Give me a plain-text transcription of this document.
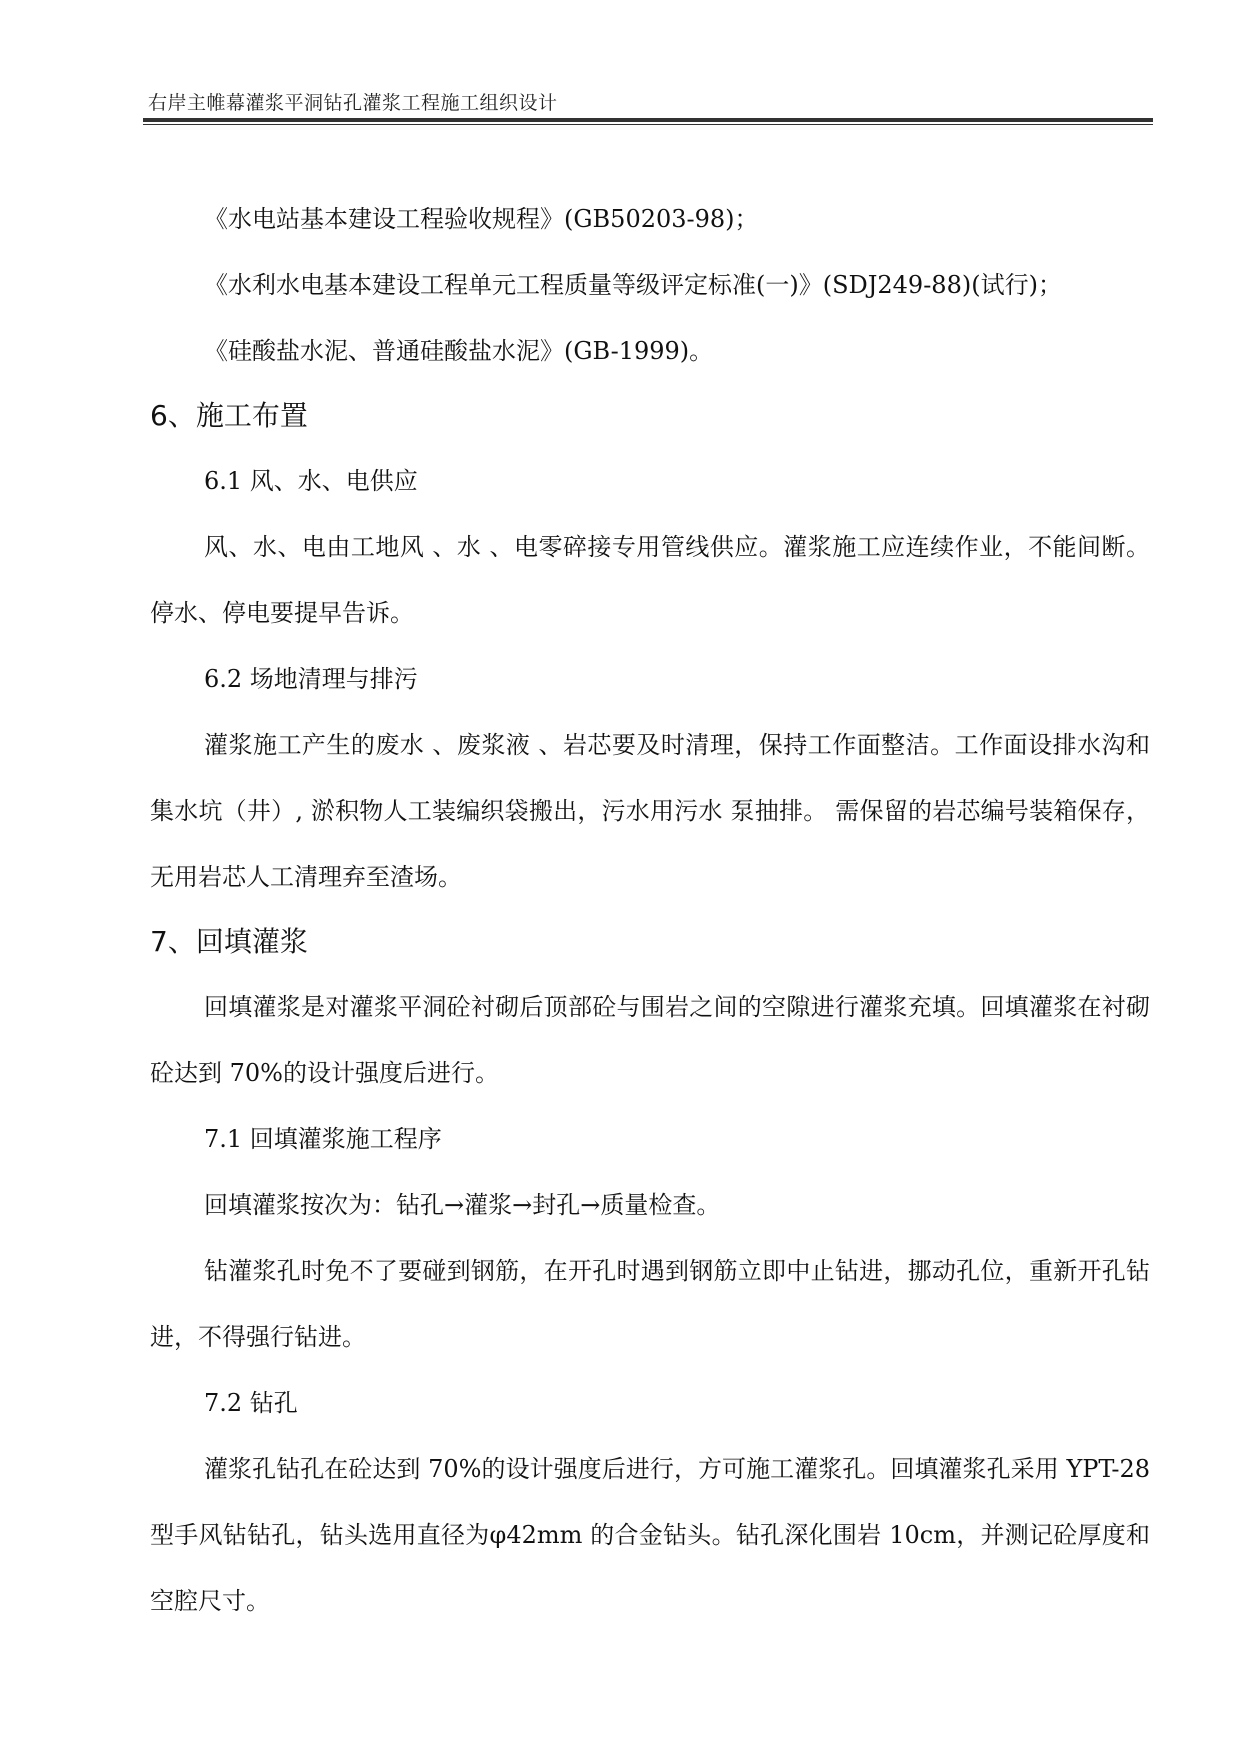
右岸主帷幕灌浆平洞钻孔灌浆工程施工组织设计

《水电站基本建设工程验收规程》(GB50203-98)；

《水利水电基本建设工程单元工程质量等级评定标准(一)》(SDJ249-88)(试行)；

《硅酸盐水泥、普通硅酸盐水泥》(GB-1999)。

6、施工布置

6.1 风、水、电供应

风、水、电由工地风 、水 、电零碎接专用管线供应。灌浆施工应连续作业，不能间断。 停水、停电要提早告诉。

6.2 场地清理与排污

灌浆施工产生的废水 、废浆液 、岩芯要及时清理，保持工作面整洁。工作面设排水沟和集水坑（井）, 淤积物人工装编织袋搬出，污水用污水 泵抽排。 需保留的岩芯编号装箱保存，无用岩芯人工清理弃至渣场。

7、回填灌浆

回填灌浆是对灌浆平洞砼衬砌后顶部砼与围岩之间的空隙进行灌浆充填。回填灌浆在衬砌砼达到 70%的设计强度后进行。

7.1 回填灌浆施工程序

回填灌浆按次为：钻孔→灌浆→封孔→质量检查。

钻灌浆孔时免不了要碰到钢筋，在开孔时遇到钢筋立即中止钻进，挪动孔位，重新开孔钻进，不得强行钻进。

7.2 钻孔

灌浆孔钻孔在砼达到 70%的设计强度后进行，方可施工灌浆孔。回填灌浆孔采用 YPT-28 型手风钻钻孔，钻头选用直径为φ42mm 的合金钻头。钻孔深化围岩 10cm，并测记砼厚度和空腔尺寸。
